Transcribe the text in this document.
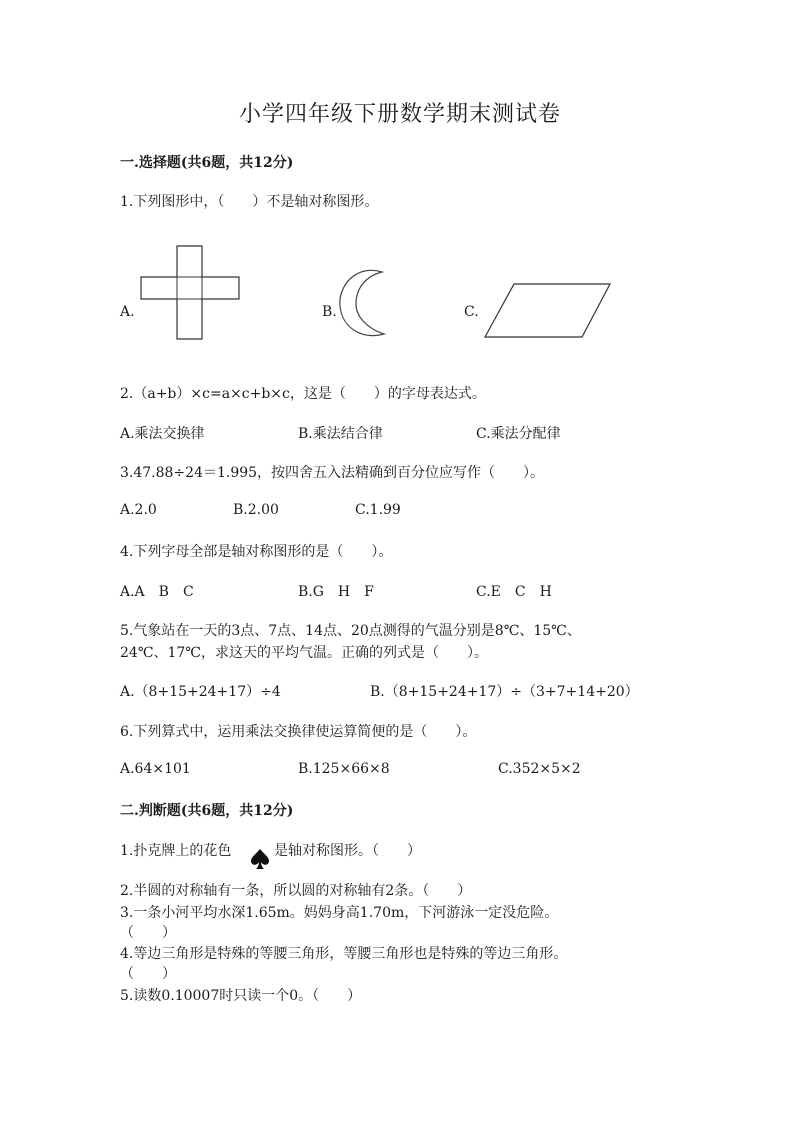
小学四年级下册数学期末测试卷
一.选择题(共6题，共12分)
1.下列图形中，（　　）不是轴对称图形。
A.	B.	C.
2.（a+b）×c=a×c+b×c，这是（　　）的字母表达式。
A.乘法交换律	B.乘法结合律	C.乘法分配律
3.47.88÷24＝1.995，按四舍五入法精确到百分位应写作（　　）。
A.2.0	B.2.00	C.1.99
4.下列字母全部是轴对称图形的是（　　）。
A.A　B　C	B.G　H　F	C.E　C　H
5.气象站在一天的3点、7点、14点、20点测得的气温分别是8℃、15℃、
24℃、17℃，求这天的平均气温。正确的列式是（　　）。
A.（8+15+24+17）÷4	B.（8+15+24+17）÷（3+7+14+20）
6.下列算式中，运用乘法交换律使运算简便的是（　　）。
A.64×101	B.125×66×8	C.352×5×2
二.判断题(共6题，共12分)
1.扑克牌上的花色	是轴对称图形。（　　）
2.半圆的对称轴有一条，所以圆的对称轴有2条。（　　）
3.一条小河平均水深1.65m。妈妈身高1.70m，下河游泳一定没危险。
（　　）
4.等边三角形是特殊的等腰三角形，等腰三角形也是特殊的等边三角形。
（　　）
5.读数0.10007时只读一个0。（　　）
